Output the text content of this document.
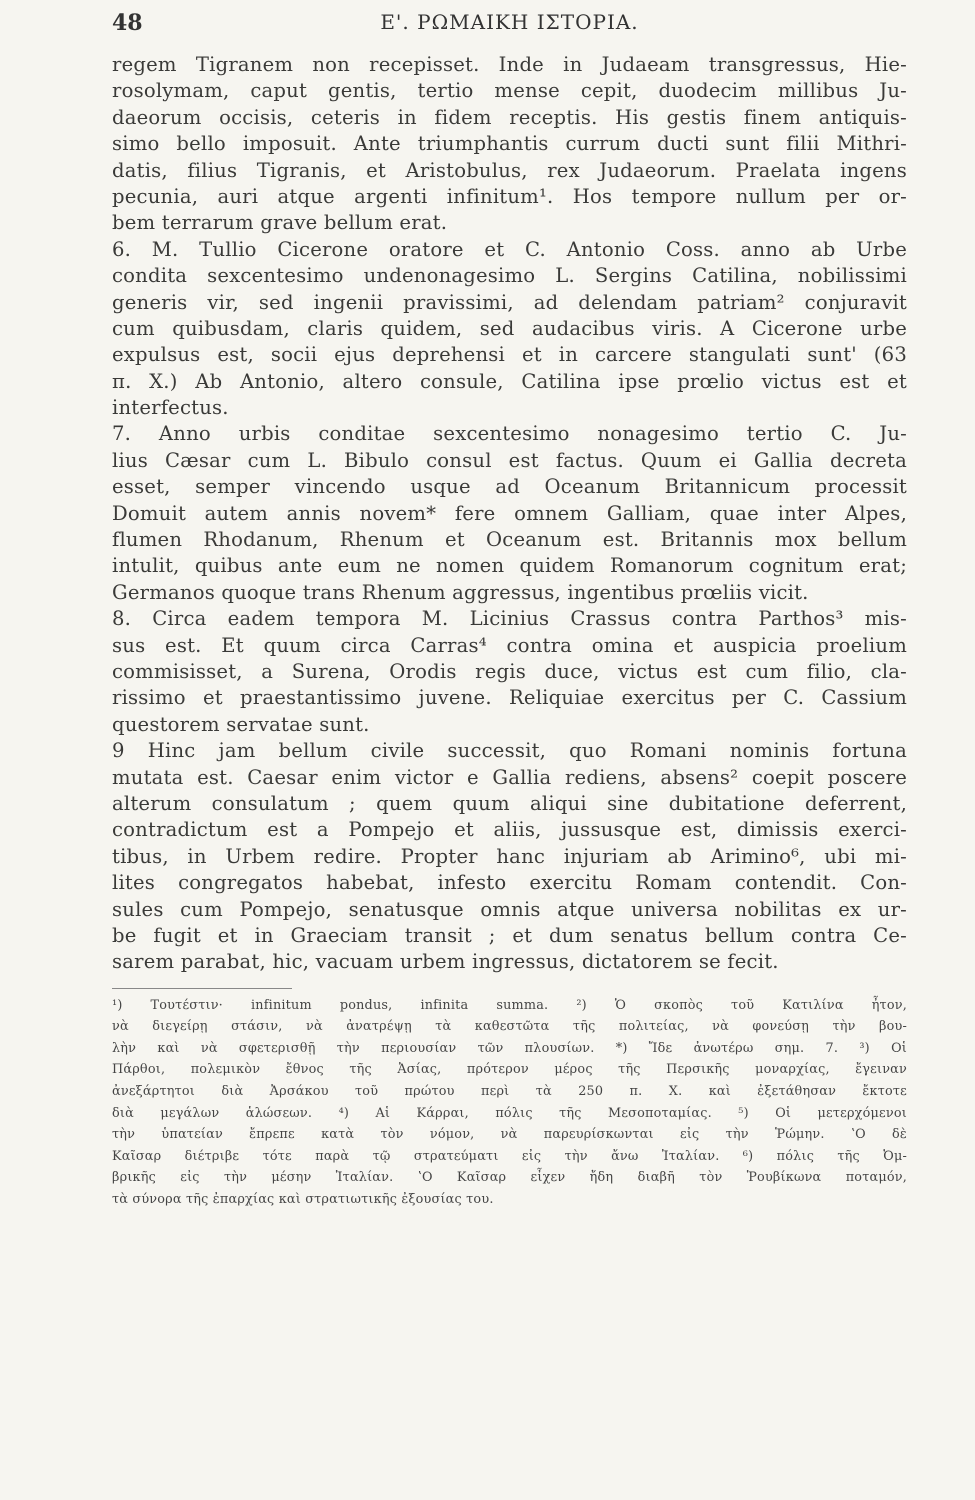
48	Ε'. ΡΩΜΑΙΚΗ ΙΣΤΟΡΙΑ.
regem Tigranem non recepisset. Inde in Judaeam transgressus, Hie-
rosolymam, caput gentis, tertio mense cepit, duodecim millibus Ju-
daeorum occisis, ceteris in fidem receptis. His gestis finem antiquis-
simo bello imposuit. Ante triumphantis currum ducti sunt filii Mithri-
datis, filius Tigranis, et Aristobulus, rex Judaeorum. Praelata ingens
pecunia, auri atque argenti infinitum¹. Hos tempore nullum per or-
bem terrarum grave bellum erat.
6. M. Tullio Cicerone oratore et C. Antonio Coss. anno ab Urbe
condita sexcentesimo undenonagesimo L. Sergins Catilina, nobilissimi
generis vir, sed ingenii pravissimi, ad delendam patriam² conjuravit
cum quibusdam, claris quidem, sed audacibus viris. A Cicerone urbe
expulsus est, socii ejus deprehensi et in carcere stangulati sunt' (63
π. X.) Ab Antonio, altero consule, Catilina ipse prœlio victus est et
interfectus.
7. Anno urbis conditae sexcentesimo nonagesimo tertio C. Ju-
lius Cæsar cum L. Bibulo consul est factus. Quum ei Gallia decreta
esset, semper vincendo usque ad Oceanum Britannicum processit
Domuit autem annis novem* fere omnem Galliam, quae inter Alpes,
flumen Rhodanum, Rhenum et Oceanum est. Britannis mox bellum
intulit, quibus ante eum ne nomen quidem Romanorum cognitum erat;
Germanos quoque trans Rhenum aggressus, ingentibus prœliis vicit.
8. Circa eadem tempora M. Licinius Crassus contra Parthos³ mis-
sus est. Et quum circa Carras⁴ contra omina et auspicia proelium
commisisset, a Surena, Orodis regis duce, victus est cum filio, cla-
rissimo et praestantissimo juvene. Reliquiae exercitus per C. Cassium
questorem servatae sunt.
9 Hinc jam bellum civile successit, quo Romani nominis fortuna
mutata est. Caesar enim victor e Gallia rediens, absens² coepit poscere
alterum consulatum ; quem quum aliqui sine dubitatione deferrent,
contradictum est a Pompejo et aliis, jussusque est, dimissis exerci-
tibus, in Urbem redire. Propter hanc injuriam ab Arimino⁶, ubi mi-
lites congregatos habebat, infesto exercitu Romam contendit. Con-
sules cum Pompejo, senatusque omnis atque universa nobilitas ex ur-
be fugit et in Graeciam transit ; et dum senatus bellum contra Ce-
sarem parabat, hic, vacuam urbem ingressus, dictatorem se fecit.
¹) Τουτέστιν· infinitum pondus, infinita summa. ²) Ὁ σκοπὸς τοῦ Κατιλίνα ἦτον,
νὰ διεγείρῃ στάσιν, νὰ ἀνατρέψῃ τὰ καθεστῶτα τῆς πολιτείας, νὰ φονεύσῃ τὴν βου-
λὴν καὶ νὰ σφετερισθῇ τὴν περιουσίαν τῶν πλουσίων. *) Ἴδε ἀνωτέρω σημ. 7. ³) Οἱ
Πάρθοι, πολεμικὸν ἔθνος τῆς Ἀσίας, πρότερον μέρος τῆς Περσικῆς μοναρχίας, ἔγειναν
ἀνεξάρτητοι διὰ Ἀρσάκου τοῦ πρώτου περὶ τὰ 250 π. Χ. καὶ ἐξετάθησαν ἔκτοτε
διὰ μεγάλων ἁλώσεων. ⁴) Αἱ Κάρραι, πόλις τῆς Μεσοποταμίας. ⁵) Οἱ μετερχόμενοι
τὴν ὑπατείαν ἔπρεπε κατὰ τὸν νόμον, νὰ παρευρίσκωνται εἰς τὴν Ῥώμην. ʽΟ δὲ
Καῖσαρ διέτριβε τότε παρὰ τῷ στρατεύματι εἰς τὴν ἄνω Ἰταλίαν. ⁶) πόλις τῆς Ὀμ-
βρικῆς εἰς τὴν μέσην Ἰταλίαν. ʽΟ Καῖσαρ εἶχεν ἤδη διαβῆ τὸν Ῥουβίκωνα ποταμόν,
τὰ σύνορα τῆς ἐπαρχίας καὶ στρατιωτικῆς ἐξουσίας του.
